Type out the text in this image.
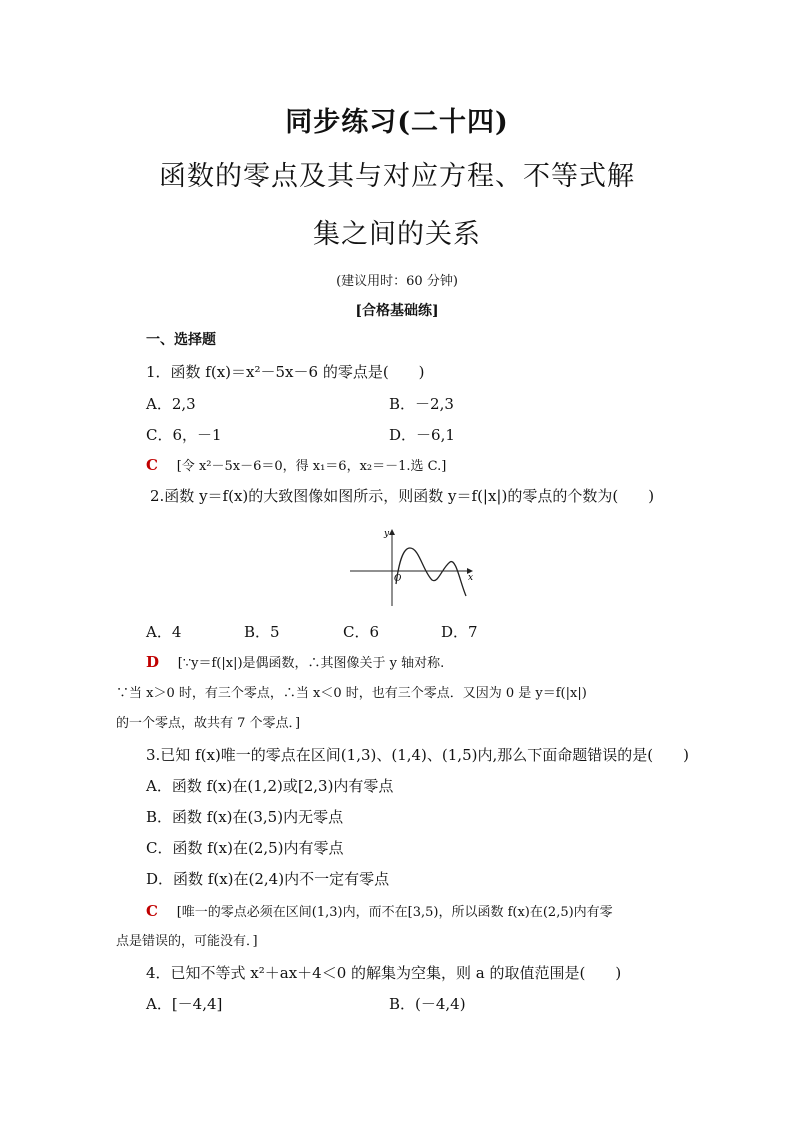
同步练习(二十四)
函数的零点及其与对应方程、不等式解
集之间的关系
(建议用时：60 分钟)
[合格基础练]
一、选择题
1．函数 f(x)＝x²－5x－6 的零点是(　　)
A．2,3	B．－2,3
C．6，－1	D．－6,1
C [令 x²－5x－6＝0，得 x₁＝6，x₂＝－1.选 C.]
2.函数 y＝f(x)的大致图像如图所示，则函数 y＝f(|x|)的零点的个数为(　　)
y
x
O
A．4	B．5	C．6	D．7
D [∵y＝f(|x|)是偶函数，∴其图像关于 y 轴对称.
∵当 x＞0 时，有三个零点，∴当 x＜0 时，也有三个零点．又因为 0 是 y＝f(|x|)
的一个零点，故共有 7 个零点．]
3.已知 f(x)唯一的零点在区间(1,3)、(1,4)、(1,5)内,那么下面命题错误的是(　　)
A．函数 f(x)在(1,2)或[2,3)内有零点
B．函数 f(x)在(3,5)内无零点
C．函数 f(x)在(2,5)内有零点
D．函数 f(x)在(2,4)内不一定有零点
C [唯一的零点必须在区间(1,3)内，而不在[3,5)，所以函数 f(x)在(2,5)内有零
点是错误的，可能没有．]
4．已知不等式 x²＋ax＋4＜0 的解集为空集，则 a 的取值范围是(　　)
A．[－4,4]	B．(－4,4)
